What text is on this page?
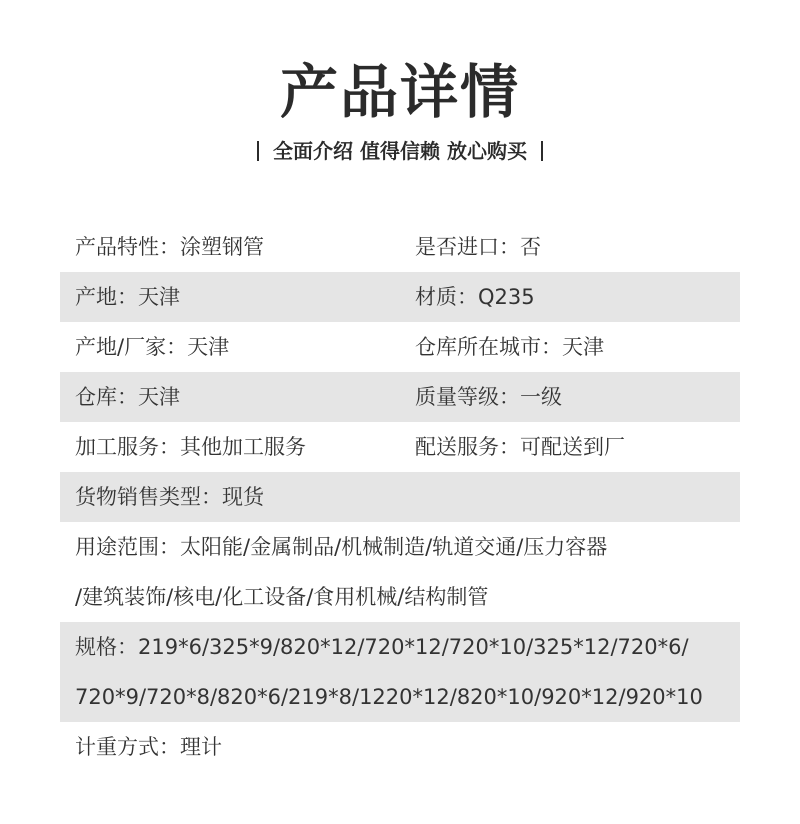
产品详情
全面介绍 值得信赖 放心购买
产品特性：涂塑钢管	是否进口：否
产地：天津	材质：Q235
产地/厂家：天津	仓库所在城市：天津
仓库：天津	质量等级：一级
加工服务：其他加工服务	配送服务：可配送到厂
货物销售类型：现货
用途范围：太阳能/金属制品/机械制造/轨道交通/压力容器
/建筑装饰/核电/化工设备/食用机械/结构制管
规格：219*6/325*9/820*12/720*12/720*10/325*12/720*6/
720*9/720*8/820*6/219*8/1220*12/820*10/920*12/920*10
计重方式：理计
